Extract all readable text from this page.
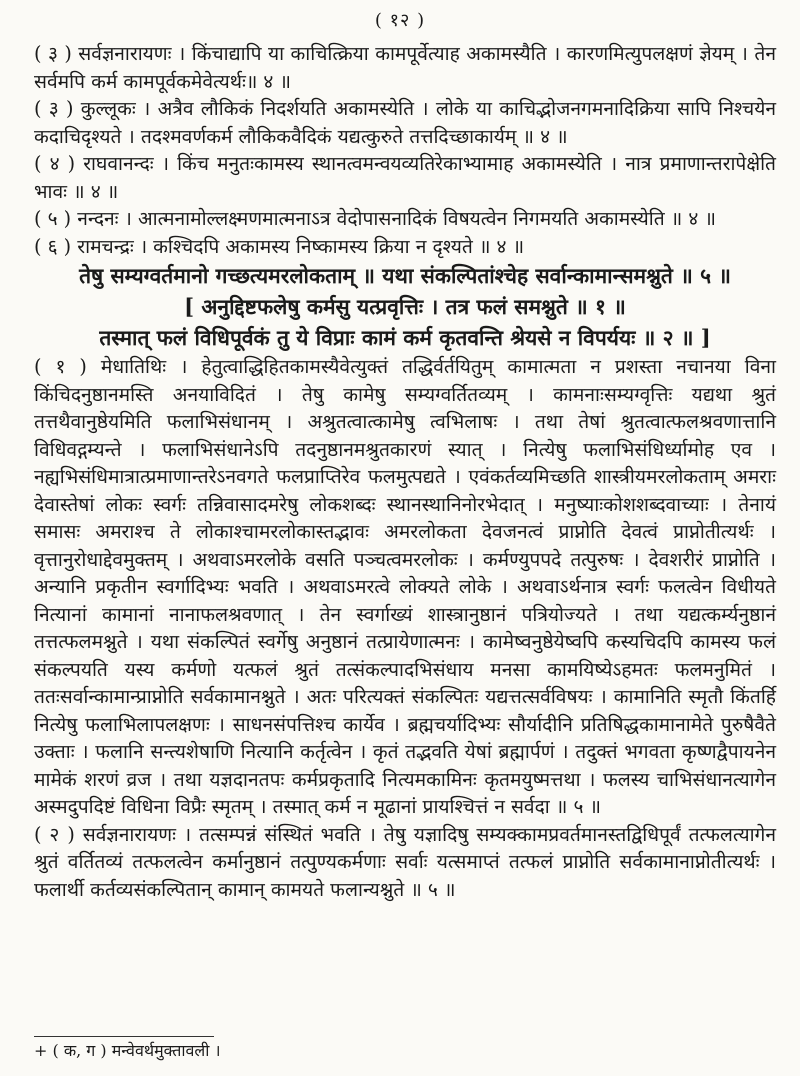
( १२ )

( ३ ) सर्वज्ञनारायणः । किंचाद्यापि या काचित्क्रिया कामपूर्वेत्याह अकामस्यैति । कारणमित्युपलक्षणं ज्ञेयम् । तेन सर्वमपि कर्म कामपूर्वकमेवेत्यर्थः॥ ४ ॥

( ३ ) कुल्लूकः । अत्रैव लौकिकं निदर्शयति अकामस्येति । लोके या काचिद्भोजनगमनादिक्रिया सापि निश्चयेन कदाचिदृश्यते । तदश्मवर्णकर्म लौकिकवैदिकं यद्यत्कुरुते तत्तदिच्छाकार्यम् ॥ ४ ॥

( ४ ) राघवानन्दः । किंच मनुतःकामस्य स्थानत्वमन्वयव्यतिरेकाभ्यामाह अकामस्येति । नात्र प्रमाणान्तरापेक्षेति भावः ॥ ४ ॥

( ५ ) नन्दनः । आत्मनामोल्लक्ष्मणमात्मनाऽत्र वेदोपासनादिकं विषयत्वेन निगमयति अकामस्येति ॥ ४ ॥

( ६ ) रामचन्द्रः । कश्चिदपि अकामस्य निष्कामस्य क्रिया न दृश्यते ॥ ४ ॥

तेषु सम्यग्वर्तमानो गच्छत्यमरलोकताम् ॥ यथा संकल्पितांश्चेह सर्वान्कामान्समश्नुते ॥ ५ ॥

[ अनुद्दिष्टफलेषु कर्मसु यत्प्रवृत्तिः । तत्र फलं समश्नुते ॥ १ ॥

तस्मात् फलं विधिपूर्वकं तु ये विप्राः कामं कर्म कृतवन्ति श्रेयसे न विपर्ययः ॥ २ ॥ ]

( १ ) मेधातिथिः । हेतुत्वाद्धिहितकामस्यैवेत्युक्तं तद्धिर्वर्तयितुम् कामात्मता न प्रशस्ता नचानया विना किंचिदनुष्ठानमस्ति अनयाविदितं । तेषु कामेषु सम्यग्वर्तितव्यम् । कामनाःसम्यग्वृत्तिः यद्यथा श्रुतं तत्तथैवानुष्ठेयमिति फलाभिसंधानम् । अश्रुतत्वात्कामेषु त्वभिलाषः । तथा तेषां श्रुतत्वात्फलश्रवणात्तानि विधिवद्गम्यन्ते । फलाभिसंधानेऽपि तदनुष्ठानमश्रुतकारणं स्यात् । नित्येषु फलाभिसंधिर्ध्यामोह एव । नह्यभिसंधिमात्रात्प्रमाणान्तरेऽनवगते फलप्राप्तिरेव फलमुत्पद्यते । एवंकर्तव्यमिच्छति शास्त्रीयमरलोकताम् अमराः देवास्तेषां लोकः स्वर्गः तन्निवासादमरेषु लोकशब्दः स्थानस्थानिनोरभेदात् । मनुष्याःकोशशब्दवाच्याः । तेनायं समासः अमराश्च ते लोकाश्चामरलोकास्तद्भावः अमरलोकता देवजनत्वं प्राप्नोति देवत्वं प्राप्नोतीत्यर्थः । वृत्तानुरोधाद्देवमुक्तम् । अथवाऽमरलोके वसति पञ्चत्वमरलोकः । कर्मण्युपपदे तत्पुरुषः । देवशरीरं प्राप्नोति । अन्यानि प्रकृतीन स्वर्गादिभ्यः भवति । अथवाऽमरत्वे लोक्यते लोके । अथवाऽर्थनात्र स्वर्गः फलत्वेन विधीयते नित्यानां कामानां नानाफलश्रवणात् । तेन स्वर्गाख्यं शास्त्रानुष्ठानं पत्रियोज्यते । तथा यद्यत्कर्म्यनुष्ठानं तत्तत्फलमश्नुते । यथा संकल्पितं स्वर्गेषु अनुष्ठानं तत्प्रायेणात्मनः । कामेष्वनुष्ठेयेष्वपि कस्यचिदपि कामस्य फलं संकल्पयति यस्य कर्मणो यत्फलं श्रुतं तत्संकल्पादभिसंधाय मनसा कामयिष्येऽहमतः फलमनुमितं । ततःसर्वान्कामान्प्राप्नोति सर्वकामानश्नुते । अतः परित्यक्तं संकल्पितः यद्यत्तत्सर्वविषयः । कामानिति स्मृतौ किंतर्हि नित्येषु फलाभिलापलक्षणः । साधनसंपत्तिश्च कार्येव । ब्रह्मचर्यादिभ्यः सौर्यादीनि प्रतिषिद्धकामानामेते पुरुषैवैते उक्ताः । फलानि सन्त्यशेषाणि नित्यानि कर्तृत्वेन । कृतं तद्भवति येषां ब्रह्मार्पणं । तदुक्तं भगवता कृष्णद्वैपायनेन मामेकं शरणं व्रज । तथा यज्ञदानतपः कर्मप्रकृतादि नित्यमकामिनः कृतमयुष्मत्तथा । फलस्य चाभिसंधानत्यागेन अस्मदुपदिष्टं विधिना विप्रैः स्मृतम् । तस्मात् कर्म न मूढानां प्रायश्चित्तं न सर्वदा ॥ ५ ॥

( २ ) सर्वज्ञनारायणः । तत्सम्पन्नं संस्थितं भवति । तेषु यज्ञादिषु सम्यक्कामप्रवर्तमानस्तद्विधिपूर्वं तत्फलत्यागेन श्रुतं वर्तितव्यं तत्फलत्वेन कर्मानुष्ठानं तत्पुण्यकर्मणाः सर्वाः यत्समाप्तं तत्फलं प्राप्नोति सर्वकामानाप्नोतीत्यर्थः । फलार्थी कर्तव्यसंकल्पितान् कामान् कामयते फलान्यश्नुते ॥ ५ ॥

+ ( क, ग ) मन्वेवर्थमुक्तावली ।
